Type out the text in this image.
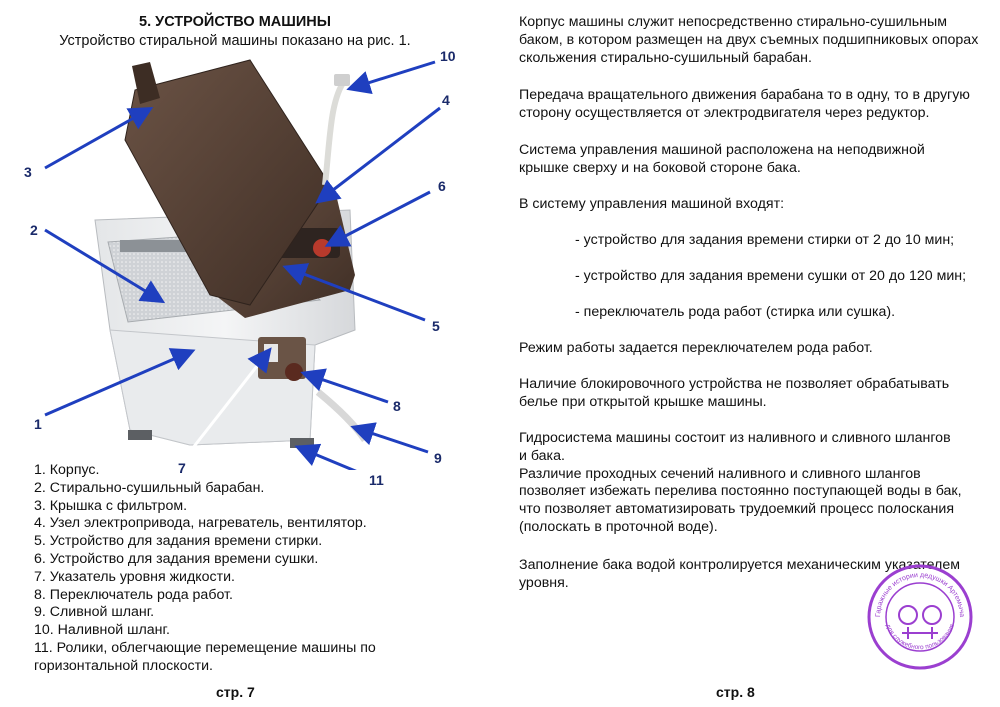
5. УСТРОЙСТВО МАШИНЫ
Устройство стиральной машины показано на рис. 1.
1
2
3
4
5
6
7
8
9
10
11
1. Корпус.
2. Стирально-сушильный барабан.
3. Крышка с фильтром.
4. Узел электропривода, нагреватель, вентилятор.
5. Устройство для задания времени стирки.
6. Устройство для задания времени сушки.
7. Указатель уровня жидкости.
8. Переключатель рода работ.
9. Сливной шланг.
10. Наливной шланг.
11. Ролики, облегчающие перемещение машины по
горизонтальной плоскости.
стр. 7
Корпус машины служит непосредственно стирально-сушильным
баком, в котором размещен на двух съемных подшипниковых опорах
скольжения стирально-сушильный барабан.
Передача вращательного движения барабана то в одну, то в другую
сторону осуществляется от электродвигателя через редуктор.
Система управления машиной расположена на неподвижной
крышке сверху и на боковой стороне бака.
В систему управления машиной входят:
- устройство для задания времени стирки от 2 до 10 мин;
- устройство для задания времени сушки от 20 до 120 мин;
- переключатель рода работ (стирка или сушка).
Режим работы задается переключателем рода работ.
Наличие блокировочного устройства не позволяет обрабатывать
белье при открытой крышке машины.
Гидросистема машины состоит из наливного и сливного шлангов
и бака.
Различие проходных сечений наливного и сливного шлангов
позволяет избежать перелива постоянно поступающей воды в бак,
что позволяет автоматизировать трудоемкий процесс полоскания
(полоскать в проточной воде).
Заполнение бака водой контролируется механическим указателем
уровня.
Гаражные истории дедушки Артемыча
для служебного пользования
стр. 8
